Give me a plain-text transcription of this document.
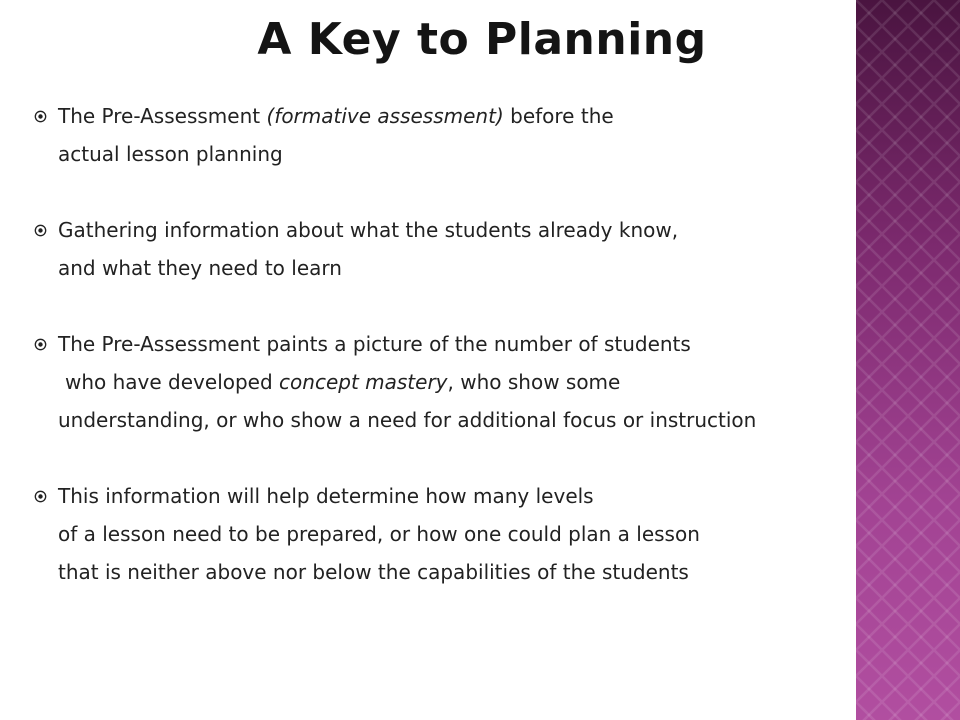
A Key to Planning
The Pre-Assessment (formative assessment) before the
actual lesson planning
Gathering information about what the students already know,
and what they need to learn
The Pre-Assessment paints a picture of the number of students
who have developed concept mastery, who show some
understanding, or who show a need for additional focus or instruction
This information will help determine how many levels
of a lesson need to be prepared, or how one could plan a lesson
that is neither above nor below the capabilities of the students
